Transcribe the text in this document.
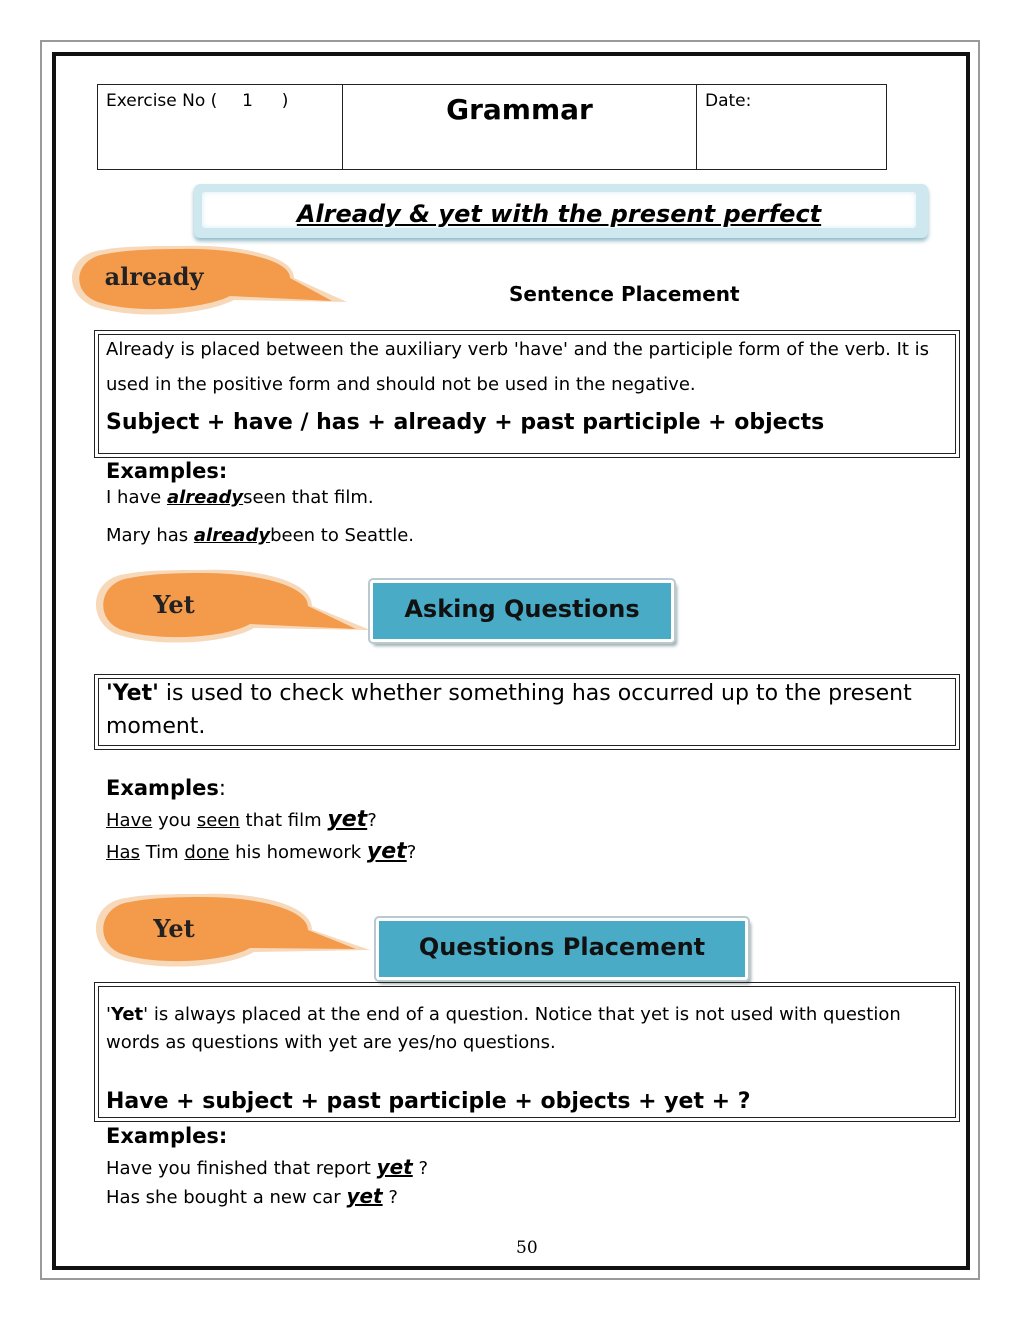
Exercise No ( 1 )	Grammar	Date:
Already & yet with the present perfect
already
Sentence Placement
Already is placed between the auxiliary verb 'have' and the participle form of the verb. It is
used in the positive form and should not be used in the negative.
Subject + have / has + already + past participle + objects
Examples:
I have alreadyseen that film.
Mary has alreadybeen to Seattle.
Yet	Asking Questions
'Yet' is used to check whether something has occurred up to the present
moment.
Examples:
Have you seen that film yet?
Has Tim done his homework yet?
Yet
Questions Placement
'Yet' is always placed at the end of a question. Notice that yet is not used with question
words as questions with yet are yes/no questions.
Have + subject + past participle + objects + yet + ?
Examples:
Have you finished that report yet ?
Has she bought a new car yet ?
50
